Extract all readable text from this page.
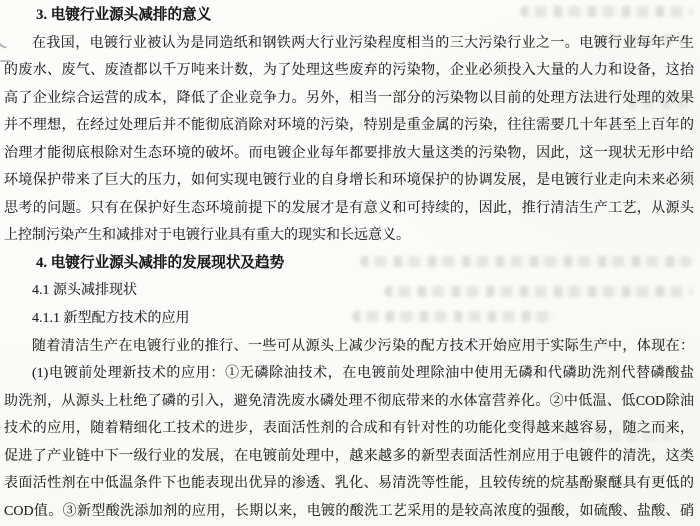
3. 电镀行业源头减排的意义
在我国，电镀行业被认为是同造纸和钢铁两大行业污染程度相当的三大污染行业之一。电镀行业每年产生
的废水、废气、废渣都以千万吨来计数，为了处理这些废弃的污染物，企业必须投入大量的人力和设备，这抬
高了企业综合运营的成本，降低了企业竞争力。另外，相当一部分的污染物以目前的处理方法进行处理的效果
并不理想，在经过处理后并不能彻底消除对环境的污染，特别是重金属的污染，往往需要几十年甚至上百年的
治理才能彻底根除对生态环境的破坏。而电镀企业每年都要排放大量这类的污染物，因此，这一现状无形中给
环境保护带来了巨大的压力，如何实现电镀行业的自身增长和环境保护的协调发展，是电镀行业走向未来必须
思考的问题。只有在保护好生态环境前提下的发展才是有意义和可持续的，因此，推行清洁生产工艺，从源头
上控制污染产生和减排对于电镀行业具有重大的现实和长远意义。
4. 电镀行业源头减排的发展现状及趋势
4.1 源头减排现状
4.1.1 新型配方技术的应用
随着清洁生产在电镀行业的推行、一些可从源头上减少污染的配方技术开始应用于实际生产中，体现在：
(1)电镀前处理新技术的应用：①无磷除油技术，在电镀前处理除油中使用无磷和代磷助洗剂代替磷酸盐
助洗剂，从源头上杜绝了磷的引入，避免清洗废水磷处理不彻底带来的水体富营养化。②中低温、低COD除油
技术的应用，随着精细化工技术的进步，表面活性剂的合成和有针对性的功能化变得越来越容易，随之而来，
促进了产业链中下一级行业的发展，在电镀前处理中，越来越多的新型表面活性剂应用于电镀件的清洗，这类
表面活性剂在中低温条件下也能表现出优异的渗透、乳化、易清洗等性能，且较传统的烷基酚聚醚具有更低的
COD值。③新型酸洗添加剂的应用，长期以来，电镀的酸洗工艺采用的是较高浓度的强酸，如硫酸、盐酸、硝
